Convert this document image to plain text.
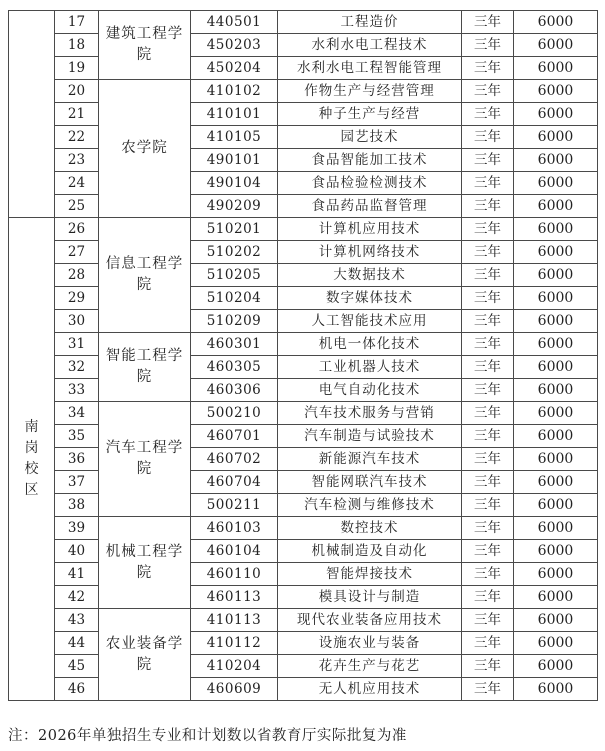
	17	建筑工程学院	440501	工程造价	三年	6000
	18		450203	水利水电工程技术	三年	6000
	19		450204	水利水电工程智能管理	三年	6000
	20	农学院	410102	作物生产与经营管理	三年	6000
	21		410101	种子生产与经营	三年	6000
	22		410105	园艺技术	三年	6000
	23		490101	食品智能加工技术	三年	6000
	24		490104	食品检验检测技术	三年	6000
	25		490209	食品药品监督管理	三年	6000
南岗校区	26	信息工程学院	510201	计算机应用技术	三年	6000
	27		510202	计算机网络技术	三年	6000
	28		510205	大数据技术	三年	6000
	29		510204	数字媒体技术	三年	6000
	30		510209	人工智能技术应用	三年	6000
	31	智能工程学院	460301	机电一体化技术	三年	6000
	32		460305	工业机器人技术	三年	6000
	33		460306	电气自动化技术	三年	6000
	34	汽车工程学院	500210	汽车技术服务与营销	三年	6000
	35		460701	汽车制造与试验技术	三年	6000
	36		460702	新能源汽车技术	三年	6000
	37		460704	智能网联汽车技术	三年	6000
	38		500211	汽车检测与维修技术	三年	6000
	39	机械工程学院	460103	数控技术	三年	6000
	40		460104	机械制造及自动化	三年	6000
	41		460110	智能焊接技术	三年	6000
	42		460113	模具设计与制造	三年	6000
	43	农业装备学院	410113	现代农业装备应用技术	三年	6000
	44		410112	设施农业与装备	三年	6000
	45		410204	花卉生产与花艺	三年	6000
	46		460609	无人机应用技术	三年	6000
注：2026年单独招生专业和计划数以省教育厅实际批复为准
